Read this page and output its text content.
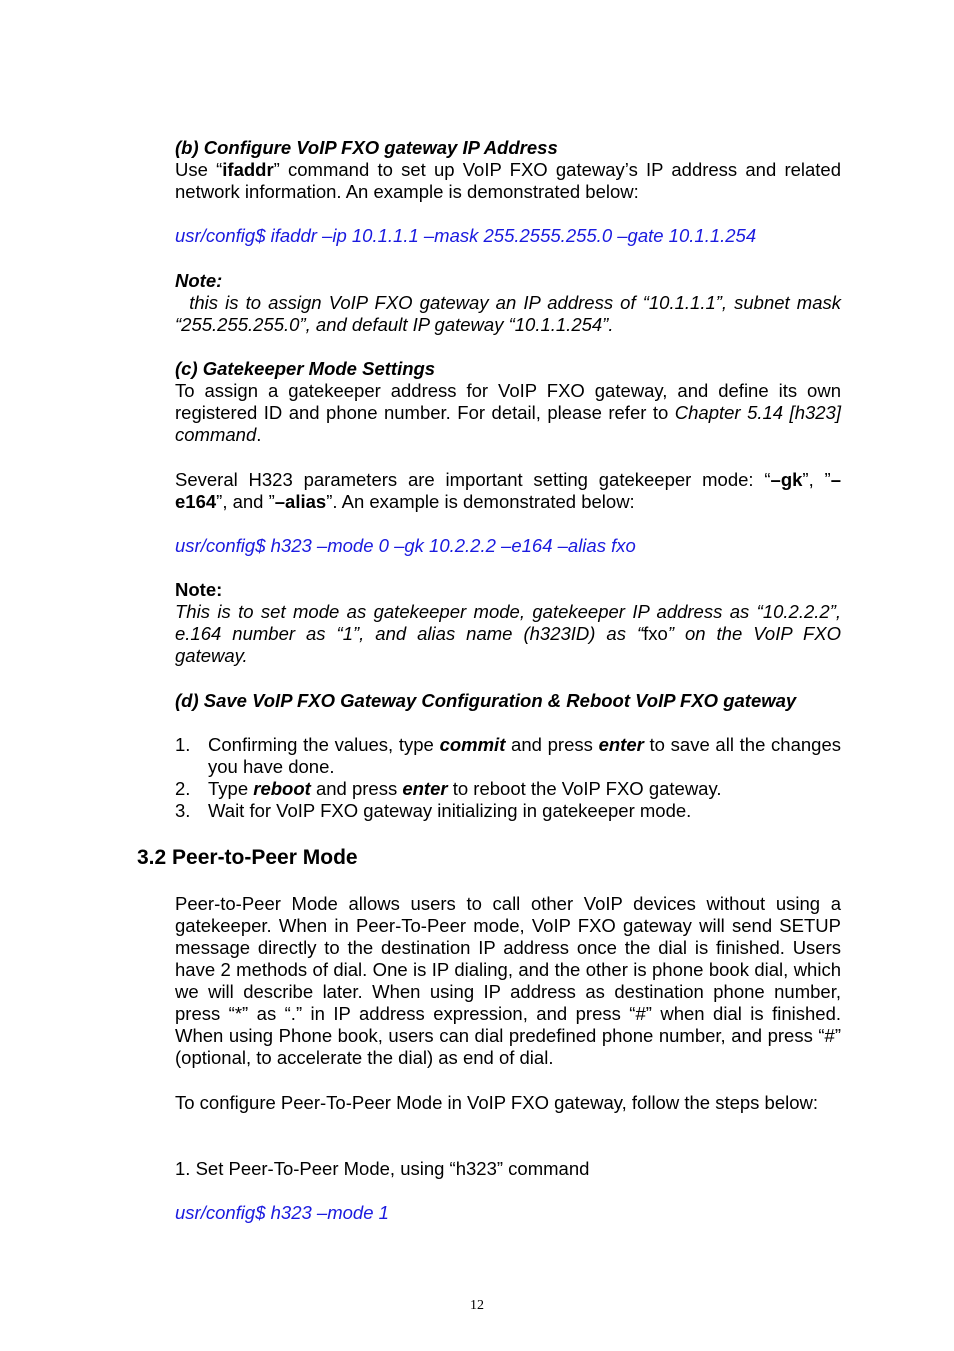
(b) Configure VoIP FXO gateway IP Address
Use “ifaddr” command to set up VoIP FXO gateway’s IP address and related network information. An example is demonstrated below:
usr/config$ ifaddr –ip 10.1.1.1 –mask 255.2555.255.0 –gate 10.1.1.254
Note:
this is to assign VoIP FXO gateway an IP address of “10.1.1.1”, subnet mask “255.255.255.0”, and default IP gateway “10.1.1.254”.
(c) Gatekeeper Mode Settings
To assign a gatekeeper address for VoIP FXO gateway, and define its own registered ID and phone number. For detail, please refer to Chapter 5.14 [h323] command.
Several H323 parameters are important setting gatekeeper mode: “–gk”, ”–e164”, and ”–alias”. An example is demonstrated below:
usr/config$ h323 –mode 0 –gk 10.2.2.2 –e164 –alias fxo
Note:
This is to set mode as gatekeeper mode, gatekeeper IP address as “10.2.2.2”, e.164 number as “1”, and alias name (h323ID) as “fxo” on the VoIP FXO gateway.
(d) Save VoIP FXO Gateway Configuration & Reboot VoIP FXO gateway
1. Confirming the values, type commit and press enter to save all the changes you have done.
2. Type reboot and press enter to reboot the VoIP FXO gateway.
3. Wait for VoIP FXO gateway initializing in gatekeeper mode.
3.2 Peer-to-Peer Mode
Peer-to-Peer Mode allows users to call other VoIP devices without using a gatekeeper. When in Peer-To-Peer mode, VoIP FXO gateway will send SETUP message directly to the destination IP address once the dial is finished. Users have 2 methods of dial. One is IP dialing, and the other is phone book dial, which we will describe later. When using IP address as destination phone number, press “*” as “.” in IP address expression, and press “#” when dial is finished. When using Phone book, users can dial predefined phone number, and press “#” (optional, to accelerate the dial) as end of dial.
To configure Peer-To-Peer Mode in VoIP FXO gateway, follow the steps below:
1. Set Peer-To-Peer Mode, using “h323” command
usr/config$ h323 –mode 1
12
